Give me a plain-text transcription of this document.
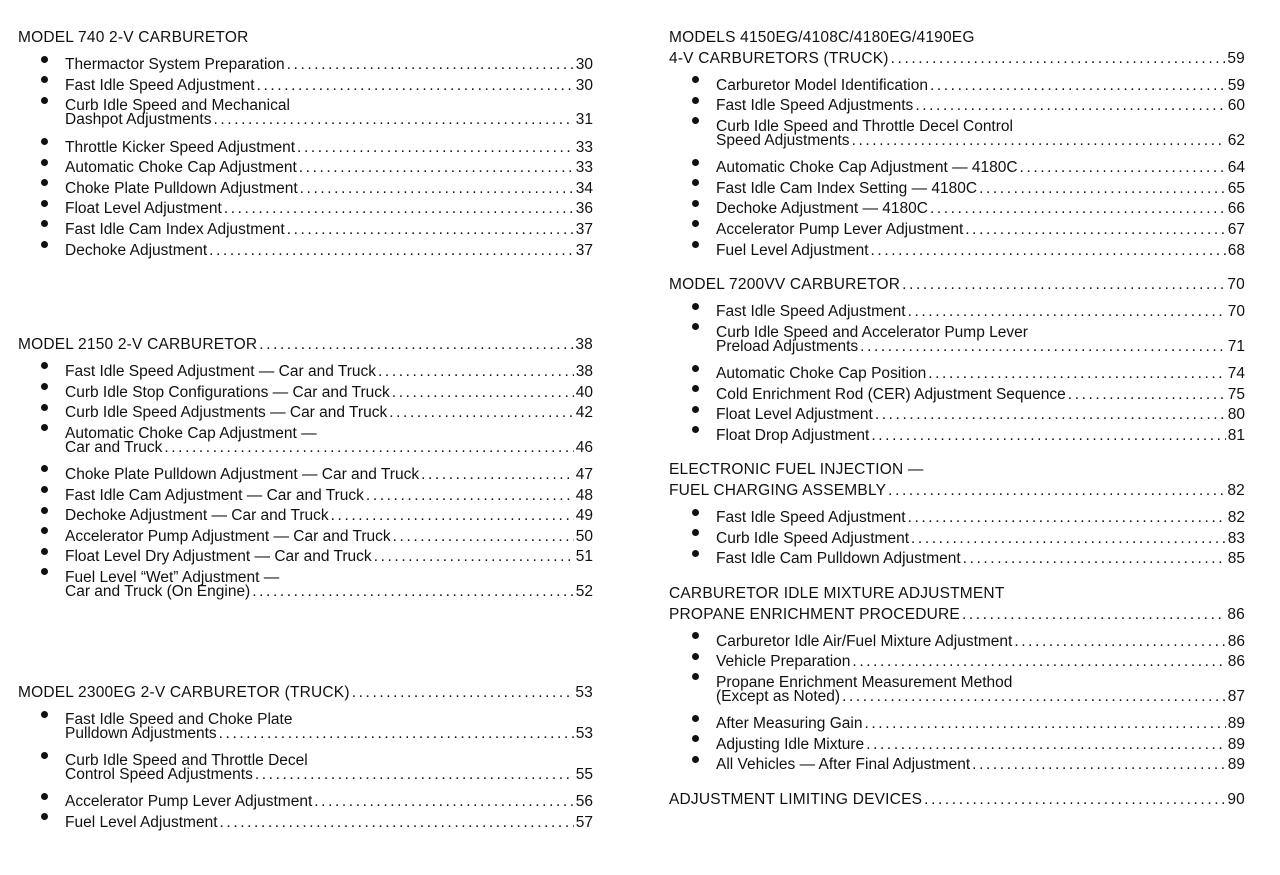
MODEL 740 2-V CARBURETOR
Thermactor System Preparation .....	30
Fast Idle Speed Adjustment .....	30
Curb Idle Speed and Mechanical
Dashpot Adjustments .....	31
Throttle Kicker Speed Adjustment .....	33
Automatic Choke Cap Adjustment .....	33
Choke Plate Pulldown Adjustment .....	34
Float Level Adjustment .....	36
Fast Idle Cam Index Adjustment .....	37
Dechoke Adjustment .....	37
MODEL 2150 2-V CARBURETOR .....	38
Fast Idle Speed Adjustment — Car and Truck .....	38
Curb Idle Stop Configurations — Car and Truck .....	40
Curb Idle Speed Adjustments — Car and Truck .....	42
Automatic Choke Cap Adjustment —
Car and Truck .....	46
Choke Plate Pulldown Adjustment — Car and Truck .....	47
Fast Idle Cam Adjustment — Car and Truck .....	48
Dechoke Adjustment — Car and Truck .....	49
Accelerator Pump Adjustment — Car and Truck .....	50
Float Level Dry Adjustment — Car and Truck .....	51
Fuel Level “Wet” Adjustment —
Car and Truck (On Engine) .....	52
MODEL 2300EG 2-V CARBURETOR (TRUCK) .....	53
Fast Idle Speed and Choke Plate
Pulldown Adjustments .....	53
Curb Idle Speed and Throttle Decel
Control Speed Adjustments .....	55
Accelerator Pump Lever Adjustment .....	56
Fuel Level Adjustment .....	57
MODELS 4150EG/4108C/4180EG/4190EG
4-V CARBURETORS (TRUCK) .....	59
Carburetor Model Identification .....	59
Fast Idle Speed Adjustments .....	60
Curb Idle Speed and Throttle Decel Control
Speed Adjustments .....	62
Automatic Choke Cap Adjustment — 4180C .....	64
Fast Idle Cam Index Setting — 4180C .....	65
Dechoke Adjustment — 4180C .....	66
Accelerator Pump Lever Adjustment .....	67
Fuel Level Adjustment .....	68
MODEL 7200VV CARBURETOR .....	70
Fast Idle Speed Adjustment .....	70
Curb Idle Speed and Accelerator Pump Lever
Preload Adjustments .....	71
Automatic Choke Cap Position .....	74
Cold Enrichment Rod (CER) Adjustment Sequence .....	75
Float Level Adjustment .....	80
Float Drop Adjustment .....	81
ELECTRONIC FUEL INJECTION —
FUEL CHARGING ASSEMBLY .....	82
Fast Idle Speed Adjustment .....	82
Curb Idle Speed Adjustment .....	83
Fast Idle Cam Pulldown Adjustment .....	85
CARBURETOR IDLE MIXTURE ADJUSTMENT
PROPANE ENRICHMENT PROCEDURE .....	86
Carburetor Idle Air/Fuel Mixture Adjustment .....	86
Vehicle Preparation .....	86
Propane Enrichment Measurement Method
(Except as Noted) .....	87
After Measuring Gain .....	89
Adjusting Idle Mixture .....	89
All Vehicles — After Final Adjustment .....	89
ADJUSTMENT LIMITING DEVICES .....	90
